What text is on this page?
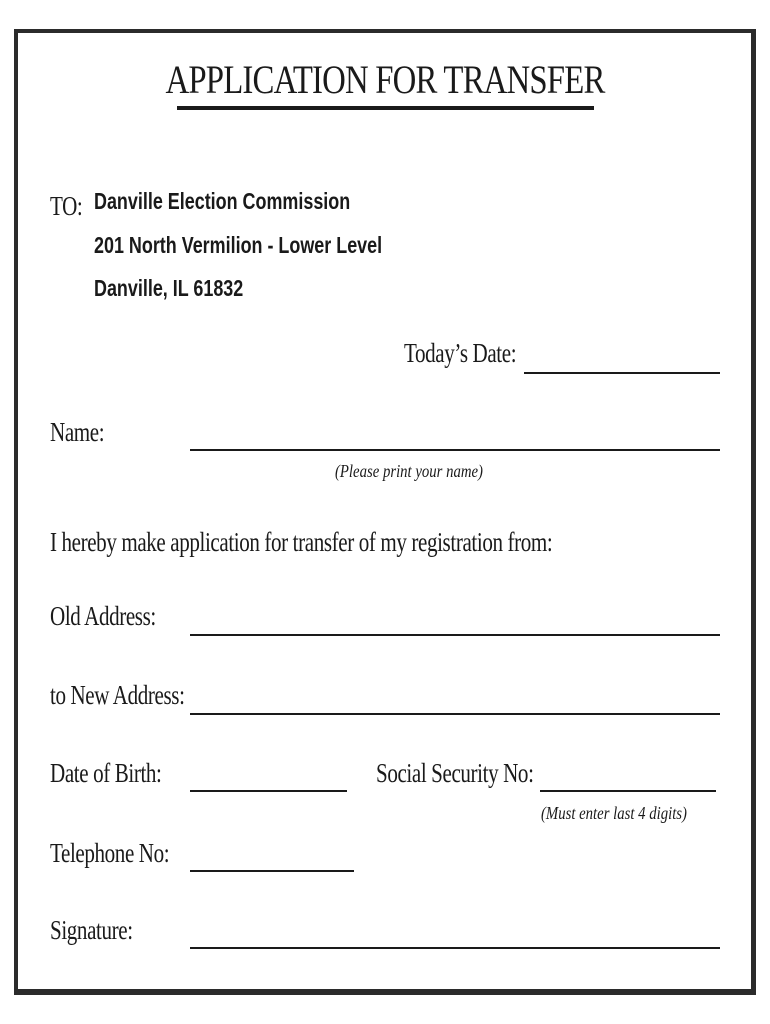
APPLICATION FOR TRANSFER
TO: Danville Election Commission
201 North Vermilion - Lower Level
Danville, IL 61832
Today’s Date:
Name:
(Please print your name)
I hereby make application for transfer of my registration from:
Old Address:
to New Address:
Date of Birth:	Social Security No:
(Must enter last 4 digits)
Telephone No:
Signature:
